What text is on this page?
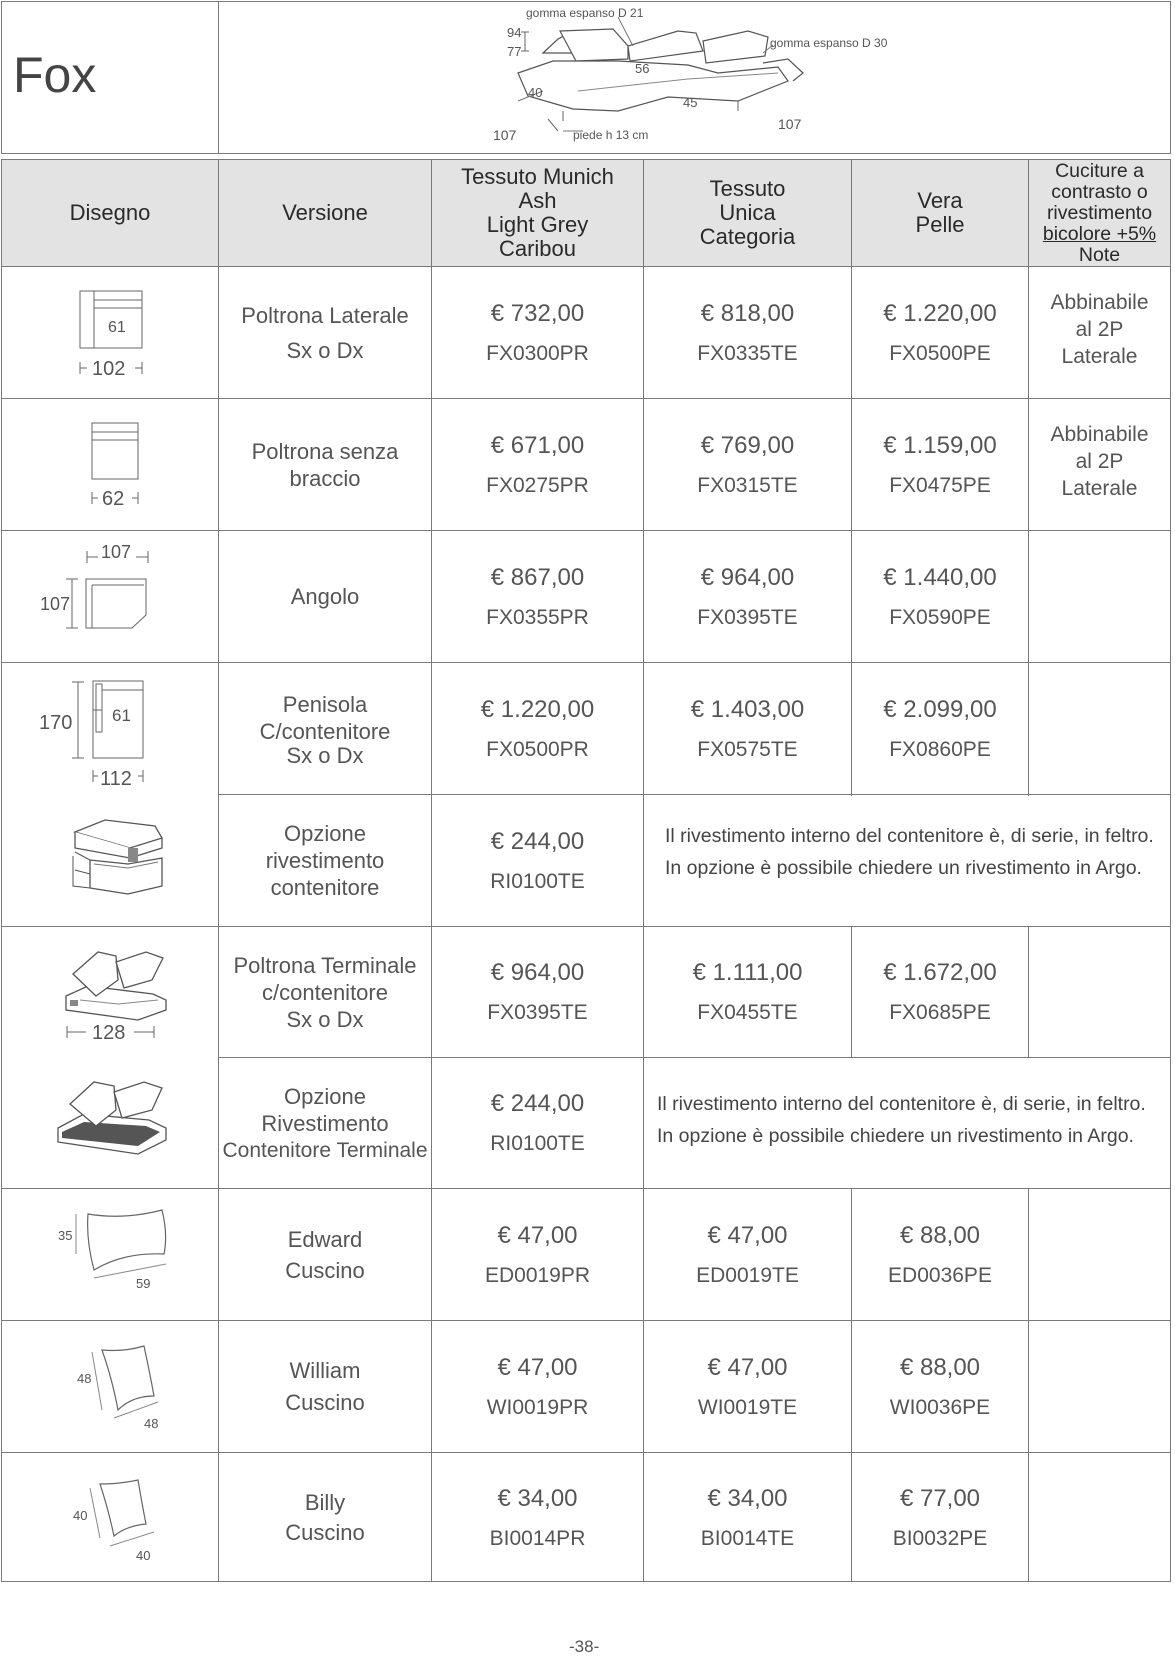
Fox
94
77
gomma espanso D 21
gomma espanso D 30
40
56
45
107
107
piede h 13 cm
Disegno	Versione
Tessuto Munich
Ash
Light Grey
Caribou
Tessuto
Unica
Categoria
Vera
Pelle
Cuciture a
contrasto o
rivestimento
bicolore +5%
Note
61
102
Poltrona Laterale
Sx o Dx
€ 732,00
FX0300PR
€ 818,00
FX0335TE
€ 1.220,00
FX0500PE
Abbinabile
al 2P
Laterale
62
Poltrona senza
braccio
€ 671,00
FX0275PR
€ 769,00
FX0315TE
€ 1.159,00
FX0475PE
Abbinabile
al 2P
Laterale
107
107	Angolo
€ 867,00
FX0355PR
€ 964,00
FX0395TE
€ 1.440,00
FX0590PE
170 61
112
Penisola
C/contenitore
Sx o Dx
€ 1.220,00
FX0500PR
€ 1.403,00
FX0575TE
€ 2.099,00
FX0860PE
Opzione
rivestimento
contenitore
€ 244,00
RI0100TE
Il rivestimento interno del contenitore è, di serie, in feltro.
In opzione è possibile chiedere un rivestimento in Argo.
128
Poltrona Terminale
c/contenitore
Sx o Dx
€ 964,00
FX0395TE
€ 1.111,00
FX0455TE
€ 1.672,00
FX0685PE
Opzione
Rivestimento
Contenitore Terminale
€ 244,00
RI0100TE
Il rivestimento interno del contenitore è, di serie, in feltro.
In opzione è possibile chiedere un rivestimento in Argo.
35
59
Edward
Cuscino
€ 47,00
ED0019PR
€ 47,00
ED0019TE
€ 88,00
ED0036PE
48
48
William
Cuscino
€ 47,00
WI0019PR
€ 47,00
WI0019TE
€ 88,00
WI0036PE
40
40
Billy
Cuscino
€ 34,00
BI0014PR
€ 34,00
BI0014TE
€ 77,00
BI0032PE
-38-
